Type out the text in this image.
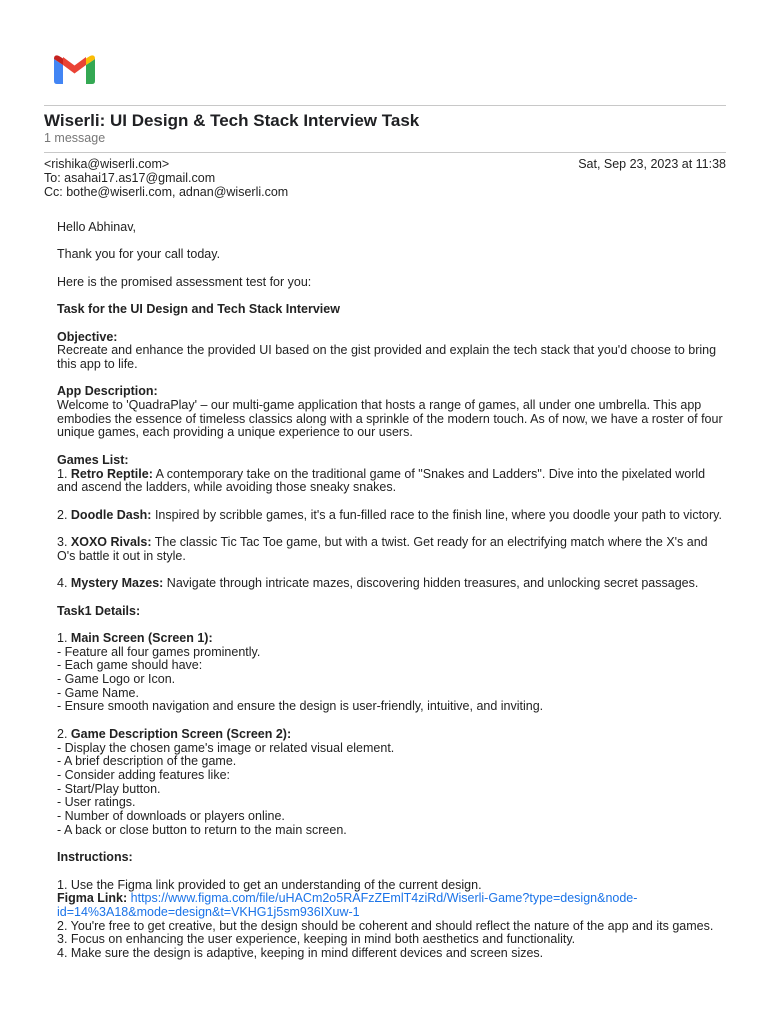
Wiserli: UI Design & Tech Stack Interview Task
1 message
<rishika@wiserli.com>
To: asahai17.as17@gmail.com
Cc: bothe@wiserli.com, adnan@wiserli.com
Sat, Sep 23, 2023 at 11:38

Hello Abhinav,

Thank you for your call today.

Here is the promised assessment test for you:

Task for the UI Design and Tech Stack Interview

Objective:
Recreate and enhance the provided UI based on the gist provided and explain the tech stack that you'd choose to bring this app to life.

App Description:
Welcome to 'QuadraPlay' – our multi-game application that hosts a range of games, all under one umbrella. This app embodies the essence of timeless classics along with a sprinkle of the modern touch. As of now, we have a roster of four unique games, each providing a unique experience to our users.

Games List:
1. Retro Reptile: A contemporary take on the traditional game of "Snakes and Ladders". Dive into the pixelated world and ascend the ladders, while avoiding those sneaky snakes.

2. Doodle Dash: Inspired by scribble games, it's a fun-filled race to the finish line, where you doodle your path to victory.

3. XOXO Rivals: The classic Tic Tac Toe game, but with a twist. Get ready for an electrifying match where the X's and O's battle it out in style.

4. Mystery Mazes: Navigate through intricate mazes, discovering hidden treasures, and unlocking secret passages.

Task1 Details:

1. Main Screen (Screen 1):
- Feature all four games prominently.
- Each game should have:
- Game Logo or Icon.
- Game Name.
- Ensure smooth navigation and ensure the design is user-friendly, intuitive, and inviting.

2. Game Description Screen (Screen 2):
- Display the chosen game's image or related visual element.
- A brief description of the game.
- Consider adding features like:
- Start/Play button.
- User ratings.
- Number of downloads or players online.
- A back or close button to return to the main screen.

Instructions:

1. Use the Figma link provided to get an understanding of the current design.
Figma Link: https://www.figma.com/file/uHACm2o5RAFzZEmlT4ziRd/Wiserli-Game?type=design&node-id=14%3A18&mode=design&t=VKHG1j5sm936IXuw-1
2. You're free to get creative, but the design should be coherent and should reflect the nature of the app and its games.
3. Focus on enhancing the user experience, keeping in mind both aesthetics and functionality.
4. Make sure the design is adaptive, keeping in mind different devices and screen sizes.
